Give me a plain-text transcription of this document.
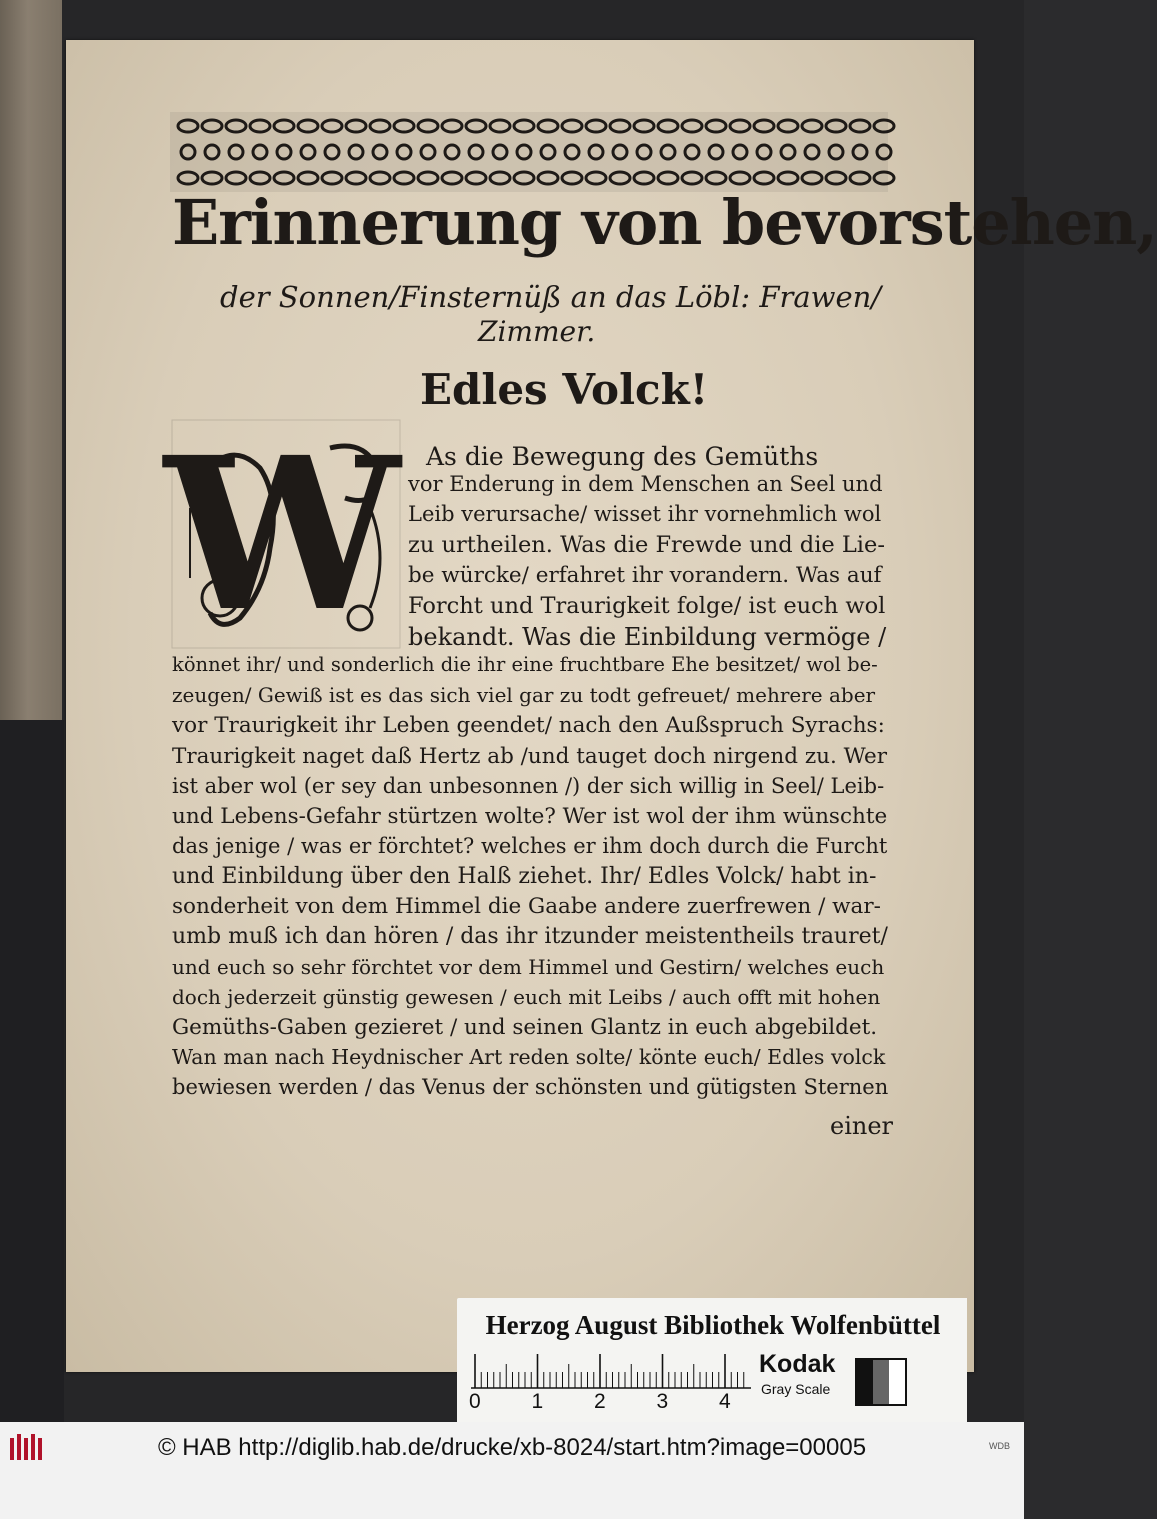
Erinnerung von bevorstehen,
der Sonnen/Finsternüß an das Löbl: Frawen/
Zimmer.
Edles Volck!
W As die Bewegung des Gemüths
vor Enderung in dem Menschen an Seel und
Leib verursache/ wisset ihr vornehmlich wol
zu urtheilen. Was die Frewde und die Lie-
be würcke/ erfahret ihr vorandern. Was auf
Forcht und Traurigkeit folge/ ist euch wol
bekandt. Was die Einbildung vermöge /
könnet ihr/ und sonderlich die ihr eine fruchtbare Ehe besitzet/ wol be-
zeugen/ Gewiß ist es das sich viel gar zu todt gefreuet/ mehrere aber
vor Traurigkeit ihr Leben geendet/ nach den Außspruch Syrachs:
Traurigkeit naget daß Hertz ab /und tauget doch nirgend zu. Wer
ist aber wol (er sey dan unbesonnen /) der sich willig in Seel/ Leib-
und Lebens-Gefahr stürtzen wolte? Wer ist wol der ihm wünschte
das jenige / was er förchtet? welches er ihm doch durch die Furcht
und Einbildung über den Halß ziehet. Ihr/ Edles Volck/ habt in-
sonderheit von dem Himmel die Gaabe andere zuerfrewen / war-
umb muß ich dan hören / das ihr itzunder meistentheils trauret/
und euch so sehr förchtet vor dem Himmel und Gestirn/ welches euch
doch jederzeit günstig gewesen / euch mit Leibs / auch offt mit hohen
Gemüths-Gaben gezieret / und seinen Glantz in euch abgebildet.
Wan man nach Heydnischer Art reden solte/ könte euch/ Edles volck
bewiesen werden / das Venus der schönsten und gütigsten Sternen
einer
Herzog August Bibliothek Wolfenbüttel
0 1 2 3 4
Kodak
Gray Scale
© HAB http://diglib.hab.de/drucke/xb-8024/start.htm?image=00005	WDB
